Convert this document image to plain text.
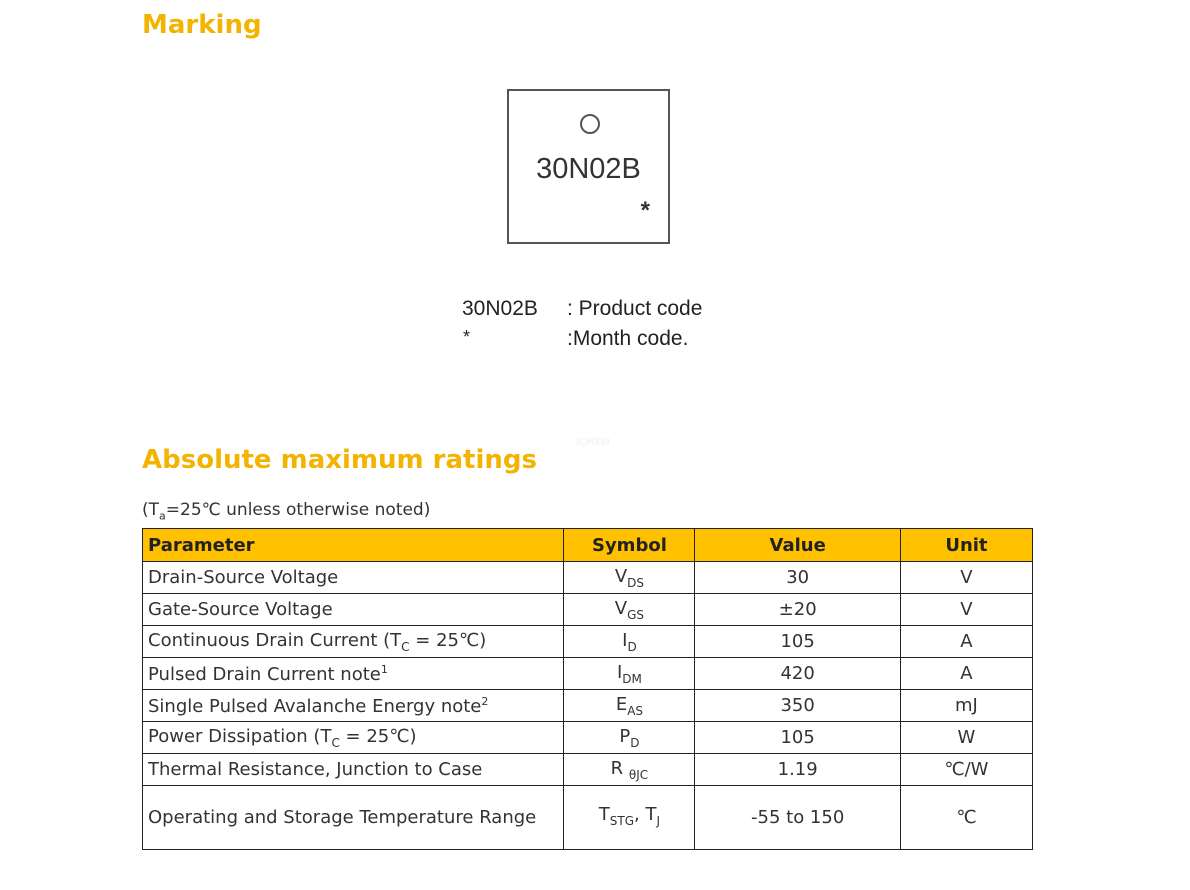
Marking
30N02B
*
30N02B : Product code
*	:Month code.
ICMKW
Absolute maximum ratings
($T_a=25℃$ unless otherwise noted)
Parameter	Symbol	Value	Unit
Drain-Source Voltage	$V_{DS}$	30	V
Gate-Source Voltage	$V_{GS}$	±20	V
Continuous Drain Current ($T_C$ = 25℃)	$I_D$	105	A
Pulsed Drain Current note$^1$	$I_{DM}$	420	A
Single Pulsed Avalanche Energy note$^2$	$E_{AS}$	350	mJ
Power Dissipation ($T_C$ = 25℃)	$P_D$	105	W
Thermal Resistance, Junction to Case	R $_{\theta JC}$	1.19	℃/W
Operating and Storage Temperature Range	$T_{STG}$, $T_J$	-55 to 150	℃
